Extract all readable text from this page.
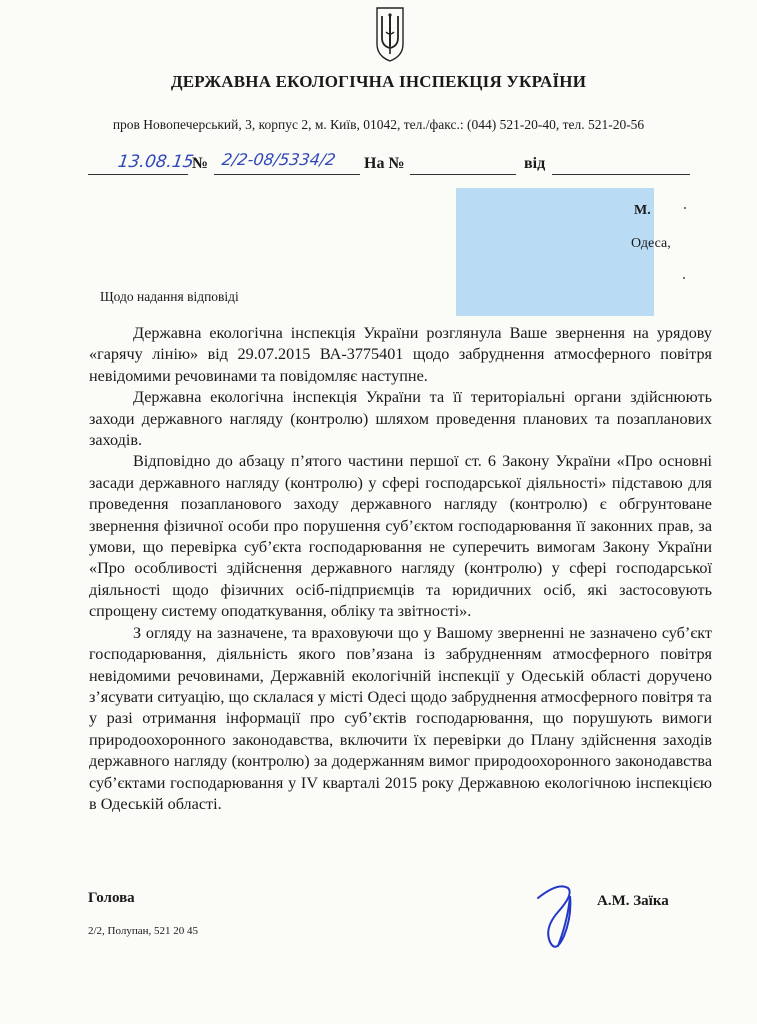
ДЕРЖАВНА ЕКОЛОГІЧНА ІНСПЕКЦІЯ УКРАЇНИ
пров Новопечерський, 3, корпус 2, м. Київ, 01042, тел./факс.: (044) 521-20-40, тел. 521-20-56
13.08.15
№ 2/2-08/5334/2 На №	від
М.
Одеса,
Щодо надання відповіді

Державна екологічна інспекція України розглянула Ваше звернення на урядову «гарячу лінію» від 29.07.2015 ВА-3775401 щодо забруднення атмосферного повітря невідомими речовинами та повідомляє наступне.

Державна екологічна інспекція України та її територіальні органи здійснюють заходи державного нагляду (контролю) шляхом проведення планових та позапланових заходів.

Відповідно до абзацу п’ятого частини першої ст. 6 Закону України «Про основні засади державного нагляду (контролю) у сфері господарської діяльності» підставою для проведення позапланового заходу державного нагляду (контролю) є обгрунтоване звернення фізичної особи про порушення суб’єктом господарювання її законних прав, за умови, що перевірка суб’єкта господарювання не суперечить вимогам Закону України «Про особливості здійснення державного нагляду (контролю) у сфері господарської діяльності щодо фізичних осіб-підприємців та юридичних осіб, які застосовують спрощену систему оподаткування, обліку та звітності».

З огляду на зазначене, та враховуючи що у Вашому зверненні не зазначено суб’єкт господарювання, діяльність якого пов’язана із забрудненням атмосферного повітря невідомими речовинами, Державній екологічній інспекції у Одеській області доручено з’ясувати ситуацію, що склалася у місті Одесі щодо забруднення атмосферного повітря та у разі отримання інформації про суб’єктів господарювання, що порушують вимоги природоохоронного законодавства, включити їх перевірки до Плану здійснення заходів державного нагляду (контролю) за додержанням вимог природоохоронного законодавства суб’єктами господарювання у IV кварталі 2015 року Державною екологічною інспекцією в Одеській області.

Голова	А.М. Заїка
2/2, Полупан, 521 20 45
